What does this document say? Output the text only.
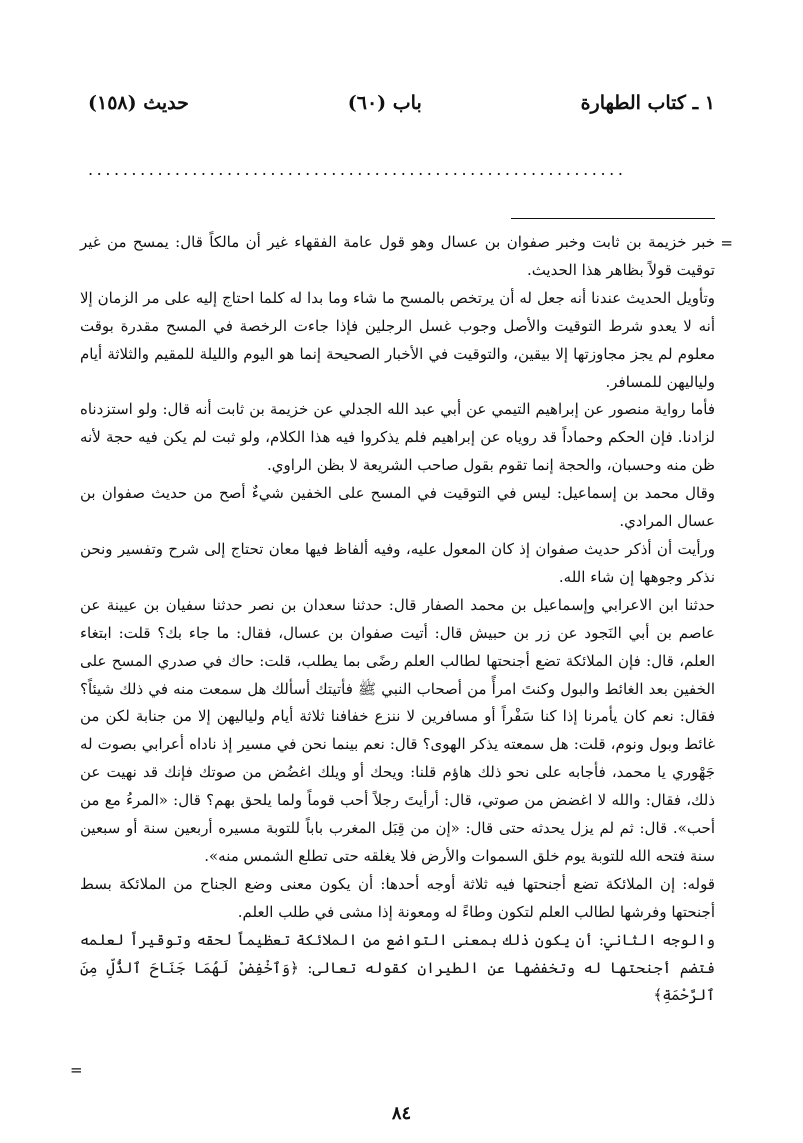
(١٥٨) حديث	(٦٠) باب	١ ـ كتاب الطهارة
..............................................................
=

خبر خزيمة بن ثابت وخبر صفوان بن عسال وهو قول عامة الفقهاء غير أن مالكاً قال: يمسح من غير توقيت قولاً بظاهر هذا الحديث.

وتأويل الحديث عندنا أنه جعل له أن يرتخص بالمسح ما شاء وما بدا له كلما احتاج إليه على مر الزمان إلا أنه لا يعدو شرط التوقيت والأصل وجوب غسل الرجلين فإذا جاءت الرخصة في المسح مقدرة بوقت معلوم لم يجز مجاوزتها إلا بيقين، والتوقيت في الأخبار الصحيحة إنما هو اليوم والليلة للمقيم والثلاثة أيام ولياليهن للمسافر.

فأما رواية منصور عن إبراهيم التيمي عن أبي عبد الله الجدلي عن خزيمة بن ثابت أنه قال: ولو استزدناه لزادنا. فإن الحكم وحماداً قد روياه عن إبراهيم فلم يذكروا فيه هذا الكلام، ولو ثبت لم يكن فيه حجة لأنه ظن منه وحسبان، والحجة إنما تقوم بقول صاحب الشريعة لا بظن الراوي.

وقال محمد بن إسماعيل: ليس في التوقيت في المسح على الخفين شيءٌ أصح من حديث صفوان بن عسال المرادي.

ورأيت أن أذكر حديث صفوان إذ كان المعول عليه، وفيه ألفاظ فيها معان تحتاج إلى شرح وتفسير ونحن نذكر وجوهها إن شاء الله.

حدثنا ابن الاعرابي وإسماعيل بن محمد الصفار قال: حدثنا سعدان بن نصر حدثنا سفيان بن عيينة عن عاصم بن أبي النَجود عن زر بن حبيش قال: أتيت صفوان بن عسال، فقال: ما جاء بك؟ قلت: ابتغاء العلم، قال: فإن الملائكة تضع أجنحتها لطالب العلم رضًى بما يطلب، قلت: حاك في صدري المسح على الخفين بعد الغائط والبول وكنتَ امرأً من أصحاب النبي ﷺ فأتيتك أسألك هل سمعت منه في ذلك شيئاً؟ فقال: نعم كان يأمرنا إذا كنا سَفْراً أو مسافرين لا ننزع خفافنا ثلاثة أيام ولياليهن إلا من جنابة لكن من غائط وبول ونوم، قلت: هل سمعته يذكر الهوى؟ قال: نعم بينما نحن في مسير إذ ناداه أعرابي بصوت له جَهْوري يا محمد، فأجابه على نحو ذلك هاؤم قلنا: ويحك أو ويلك اغضُض من صوتك فإنك قد نهيت عن ذلك، فقال: والله لا اغضض من صوتي، قال: أرأيتَ رجلاً أحب قوماً ولما يلحق بهم؟ قال: «المرءُ مع من أحب». قال: ثم لم يزل يحدثه حتى قال: «إن من قِبَل المغرب باباً للتوبة مسيره أربعين سنة أو سبعين سنة فتحه الله للتوبة يوم خلق السموات والأرض فلا يغلقه حتى تطلع الشمس منه».

قوله: إن الملائكة تضع أجنحتها فيه ثلاثة أوجه أحدها: أن يكون معنى وضع الجناح من الملائكة بسط أجنحتها وفرشها لطالب العلم لتكون وطاءً له ومعونة إذا مشى في طلب العلم.

والوجه الثاني: أن يكون ذلك بمعنى التواضع من الملائكة تعظيماً لحقه وتوقيراً لعلمه فتضم أجنحتها له وتخفضها عن الطيران كقوله تعالى: ﴿وَٱخْفِضْ لَهُمَا جَنَاحَ ٱلذُّلِّ مِنَ ٱلرَّحْمَةِ﴾

=
٨٤
